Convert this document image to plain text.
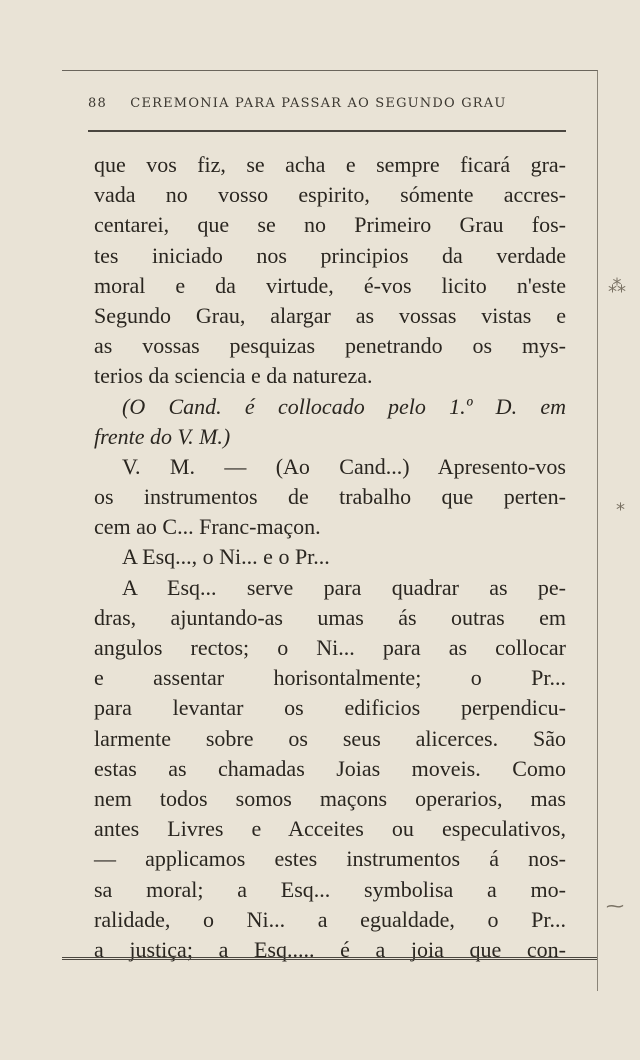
88 CEREMONIA PARA PASSAR AO SEGUNDO GRAU
que vos fiz, se acha e sempre ficará gra-
vada no vosso espirito, sómente accres-
centarei, que se no Primeiro Grau fos-
tes iniciado nos principios da verdade
moral e da virtude, é-vos licito n'este
Segundo Grau, alargar as vossas vistas e
as vossas pesquizas penetrando os mys-
terios da sciencia e da natureza.
(O Cand. é collocado pelo 1.º D. em
frente do V. M.)
V. M. — (Ao Cand...) Apresento-vos
os instrumentos de trabalho que perten-
cem ao C... Franc-maçon.
A Esq..., o Ni... e o Pr...
A Esq... serve para quadrar as pe-
dras, ajuntando-as umas ás outras em
angulos rectos; o Ni... para as collocar
e assentar horisontalmente; o Pr...
para levantar os edificios perpendicu-
larmente sobre os seus alicerces. São
estas as chamadas Joias moveis. Como
nem todos somos maçons operarios, mas
antes Livres e Acceites ou especulativos,
— applicamos estes instrumentos á nos-
sa moral; a Esq... symbolisa a mo-
ralidade, o Ni... a egualdade, o Pr...
a justiça; a Esq..... é a joia que con-
⁂
⁎
⁓
